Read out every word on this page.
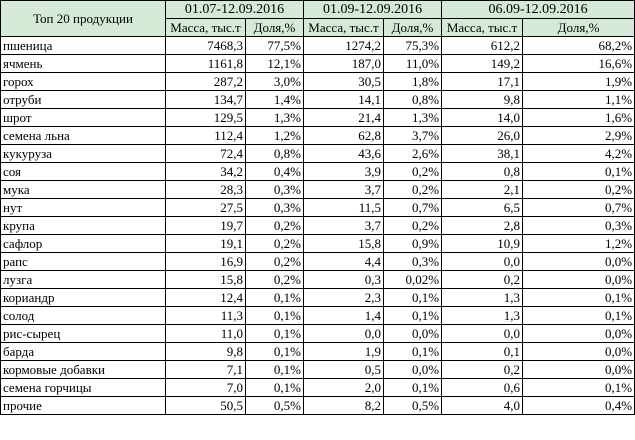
Топ 20 продукции	01.07-12.09.2016		01.09-12.09.2016		06.09-12.09.2016	
	Масса, тыс.т	Доля,%	Масса, тыс.т	Доля,%	Масса, тыс.т	Доля,%
пшеница	7468,3	77,5%	1274,2	75,3%	612,2	68,2%
ячмень	1161,8	12,1%	187,0	11,0%	149,2	16,6%
горох	287,2	3,0%	30,5	1,8%	17,1	1,9%
отруби	134,7	1,4%	14,1	0,8%	9,8	1,1%
шрот	129,5	1,3%	21,4	1,3%	14,0	1,6%
семена льна	112,4	1,2%	62,8	3,7%	26,0	2,9%
кукуруза	72,4	0,8%	43,6	2,6%	38,1	4,2%
соя	34,2	0,4%	3,9	0,2%	0,8	0,1%
мука	28,3	0,3%	3,7	0,2%	2,1	0,2%
нут	27,5	0,3%	11,5	0,7%	6,5	0,7%
крупа	19,7	0,2%	3,7	0,2%	2,8	0,3%
сафлор	19,1	0,2%	15,8	0,9%	10,9	1,2%
рапс	16,9	0,2%	4,4	0,3%	0,0	0,0%
лузга	15,8	0,2%	0,3	0,02%	0,2	0,0%
кориандр	12,4	0,1%	2,3	0,1%	1,3	0,1%
солод	11,3	0,1%	1,4	0,1%	1,3	0,1%
рис-сырец	11,0	0,1%	0,0	0,0%	0,0	0,0%
барда	9,8	0,1%	1,9	0,1%	0,1	0,0%
кормовые добавки	7,1	0,1%	0,5	0,0%	0,2	0,0%
семена горчицы	7,0	0,1%	2,0	0,1%	0,6	0,1%
прочие	50,5	0,5%	8,2	0,5%	4,0	0,4%
